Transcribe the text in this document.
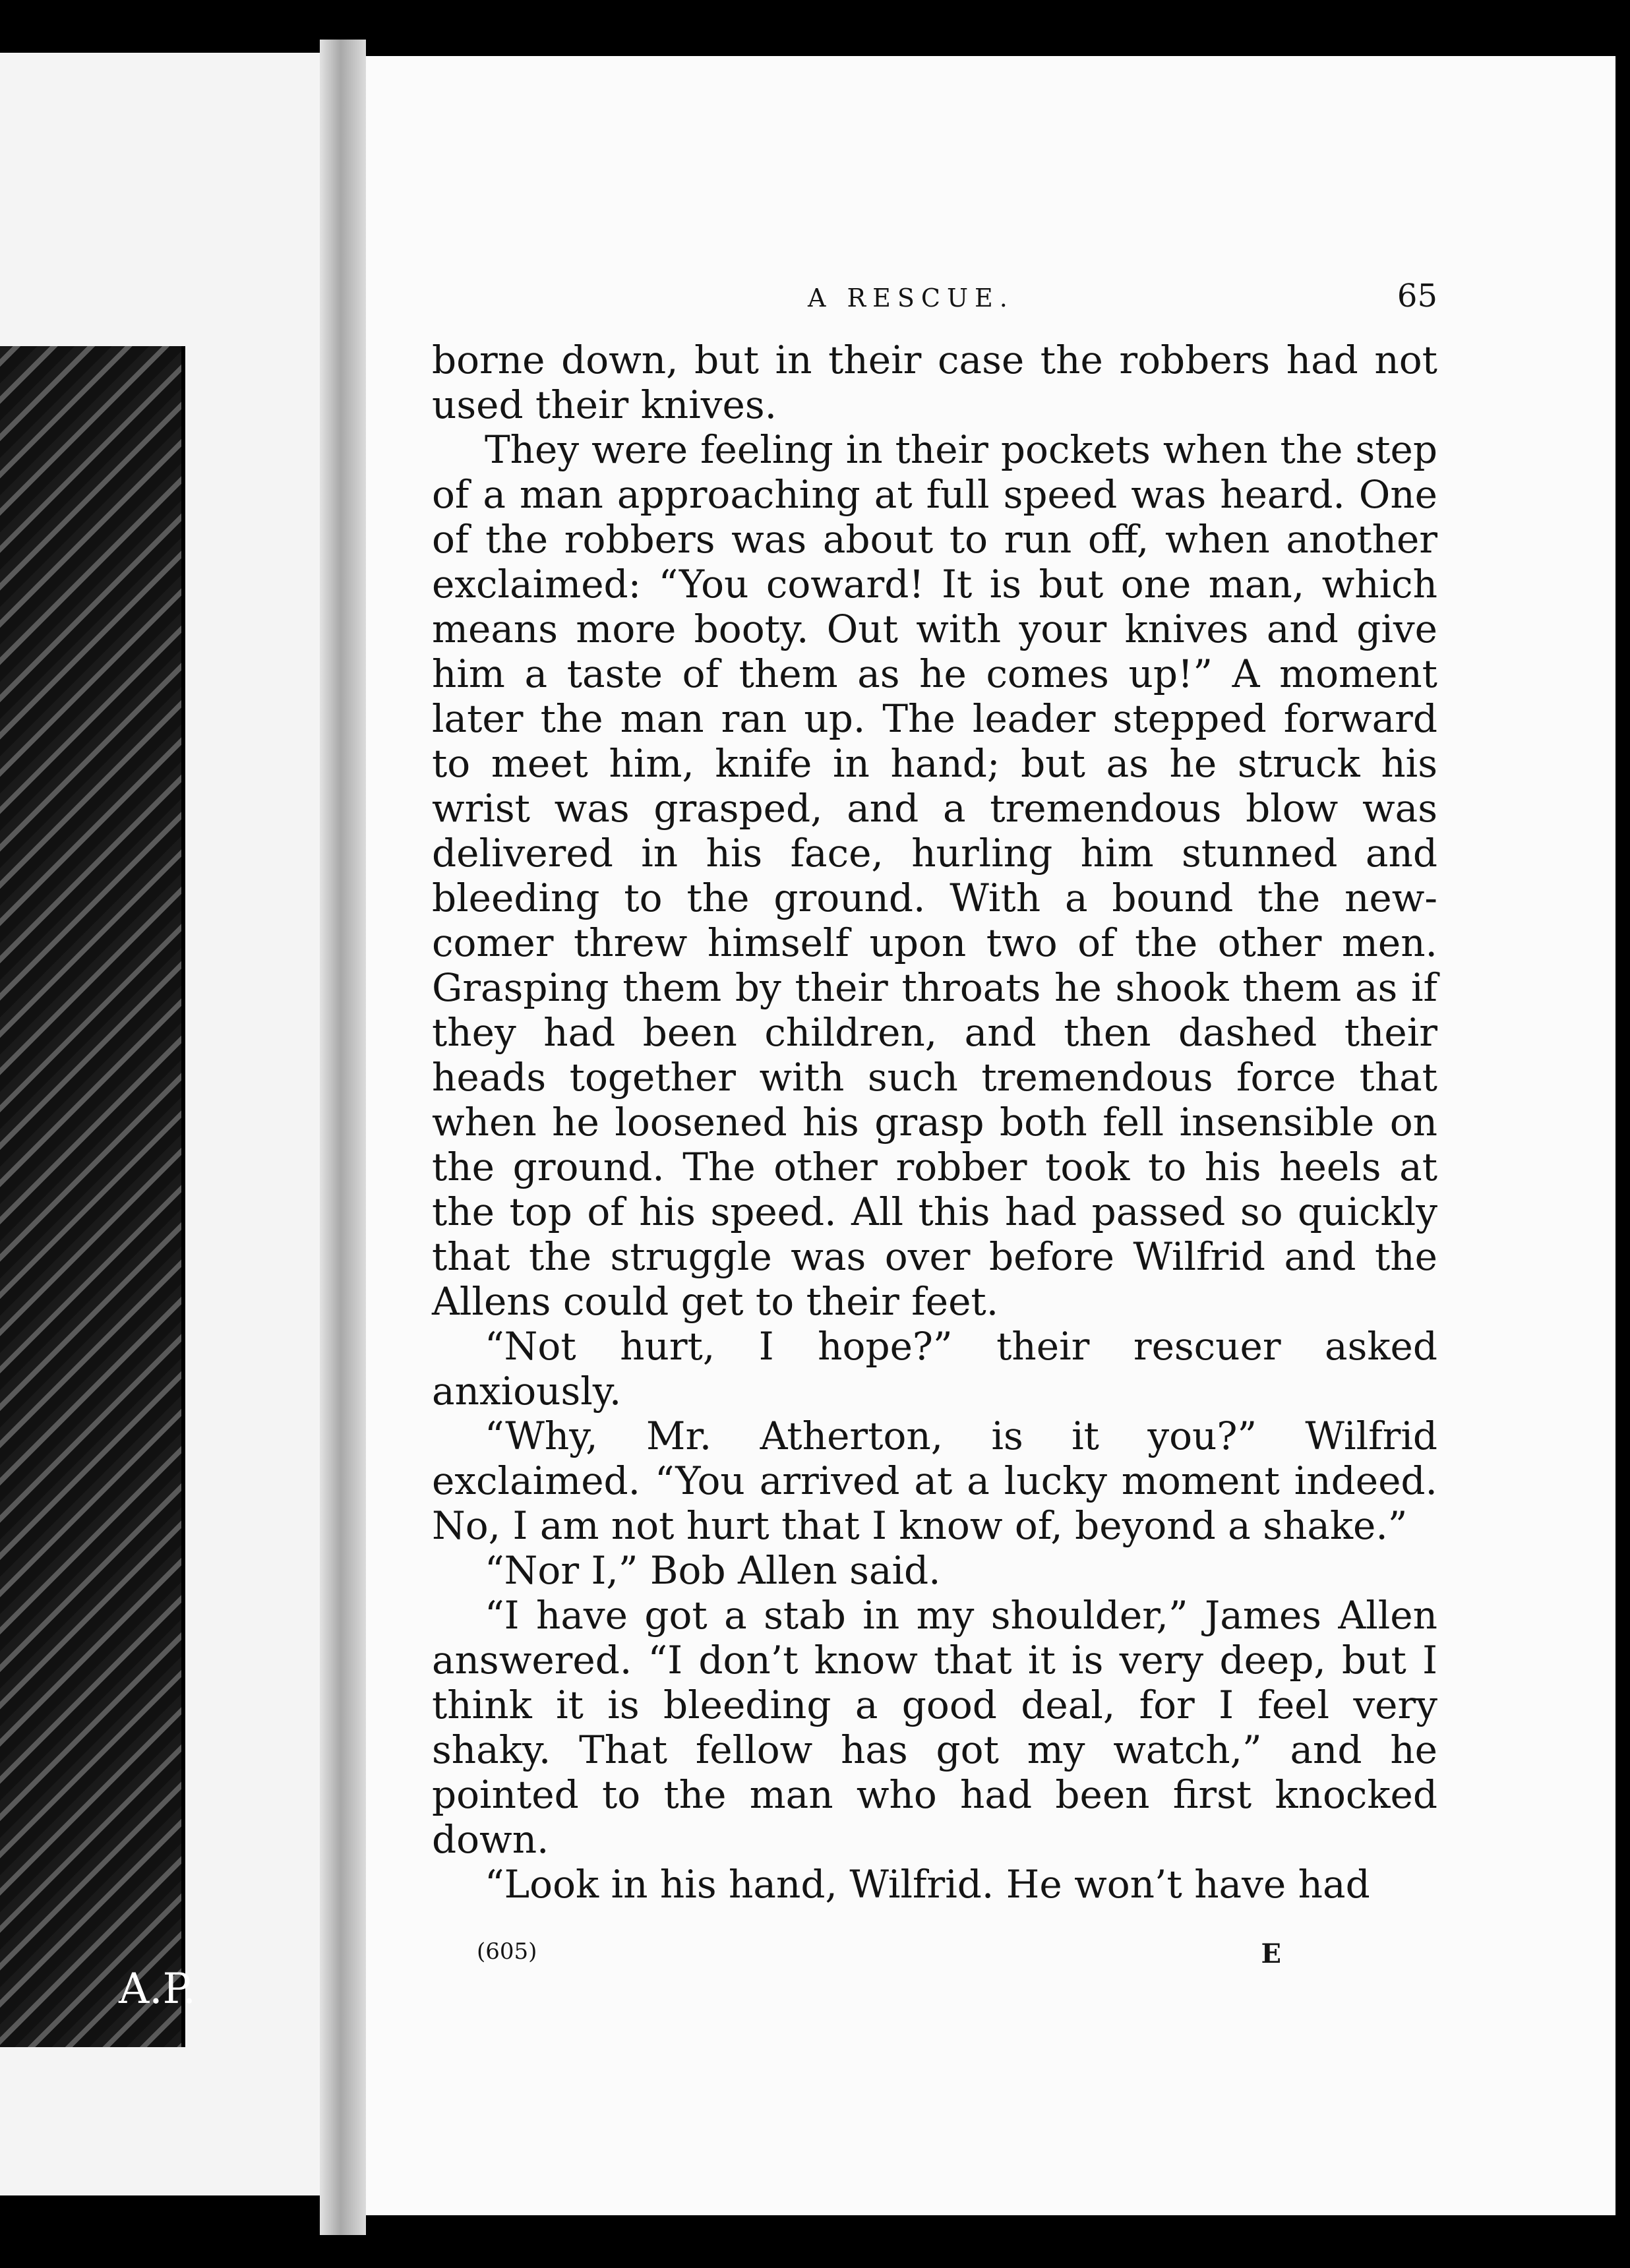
A.P.
A RESCUE.	65

borne down, but in their case the robbers had not used their knives.

They were feeling in their pockets when the step of a man approaching at full speed was heard. One of the robbers was about to run off, when another exclaimed: “You coward! It is but one man, which means more booty. Out with your knives and give him a taste of them as he comes up!” A moment later the man ran up. The leader stepped forward to meet him, knife in hand; but as he struck his wrist was grasped, and a tremendous blow was delivered in his face, hurling him stunned and bleeding to the ground. With a bound the new-comer threw himself upon two of the other men. Grasping them by their throats he shook them as if they had been children, and then dashed their heads together with such tremendous force that when he loosened his grasp both fell insensible on the ground. The other robber took to his heels at the top of his speed. All this had passed so quickly that the struggle was over before Wilfrid and the Allens could get to their feet.

“Not hurt, I hope?” their rescuer asked anxiously.

“Why, Mr. Atherton, is it you?” Wilfrid exclaimed. “You arrived at a lucky moment indeed. No, I am not hurt that I know of, beyond a shake.”

“Nor I,” Bob Allen said.

“I have got a stab in my shoulder,” James Allen answered. “I don’t know that it is very deep, but I think it is bleeding a good deal, for I feel very shaky. That fellow has got my watch,” and he pointed to the man who had been first knocked down.

“Look in his hand, Wilfrid. He won’t have had

(605)	E
